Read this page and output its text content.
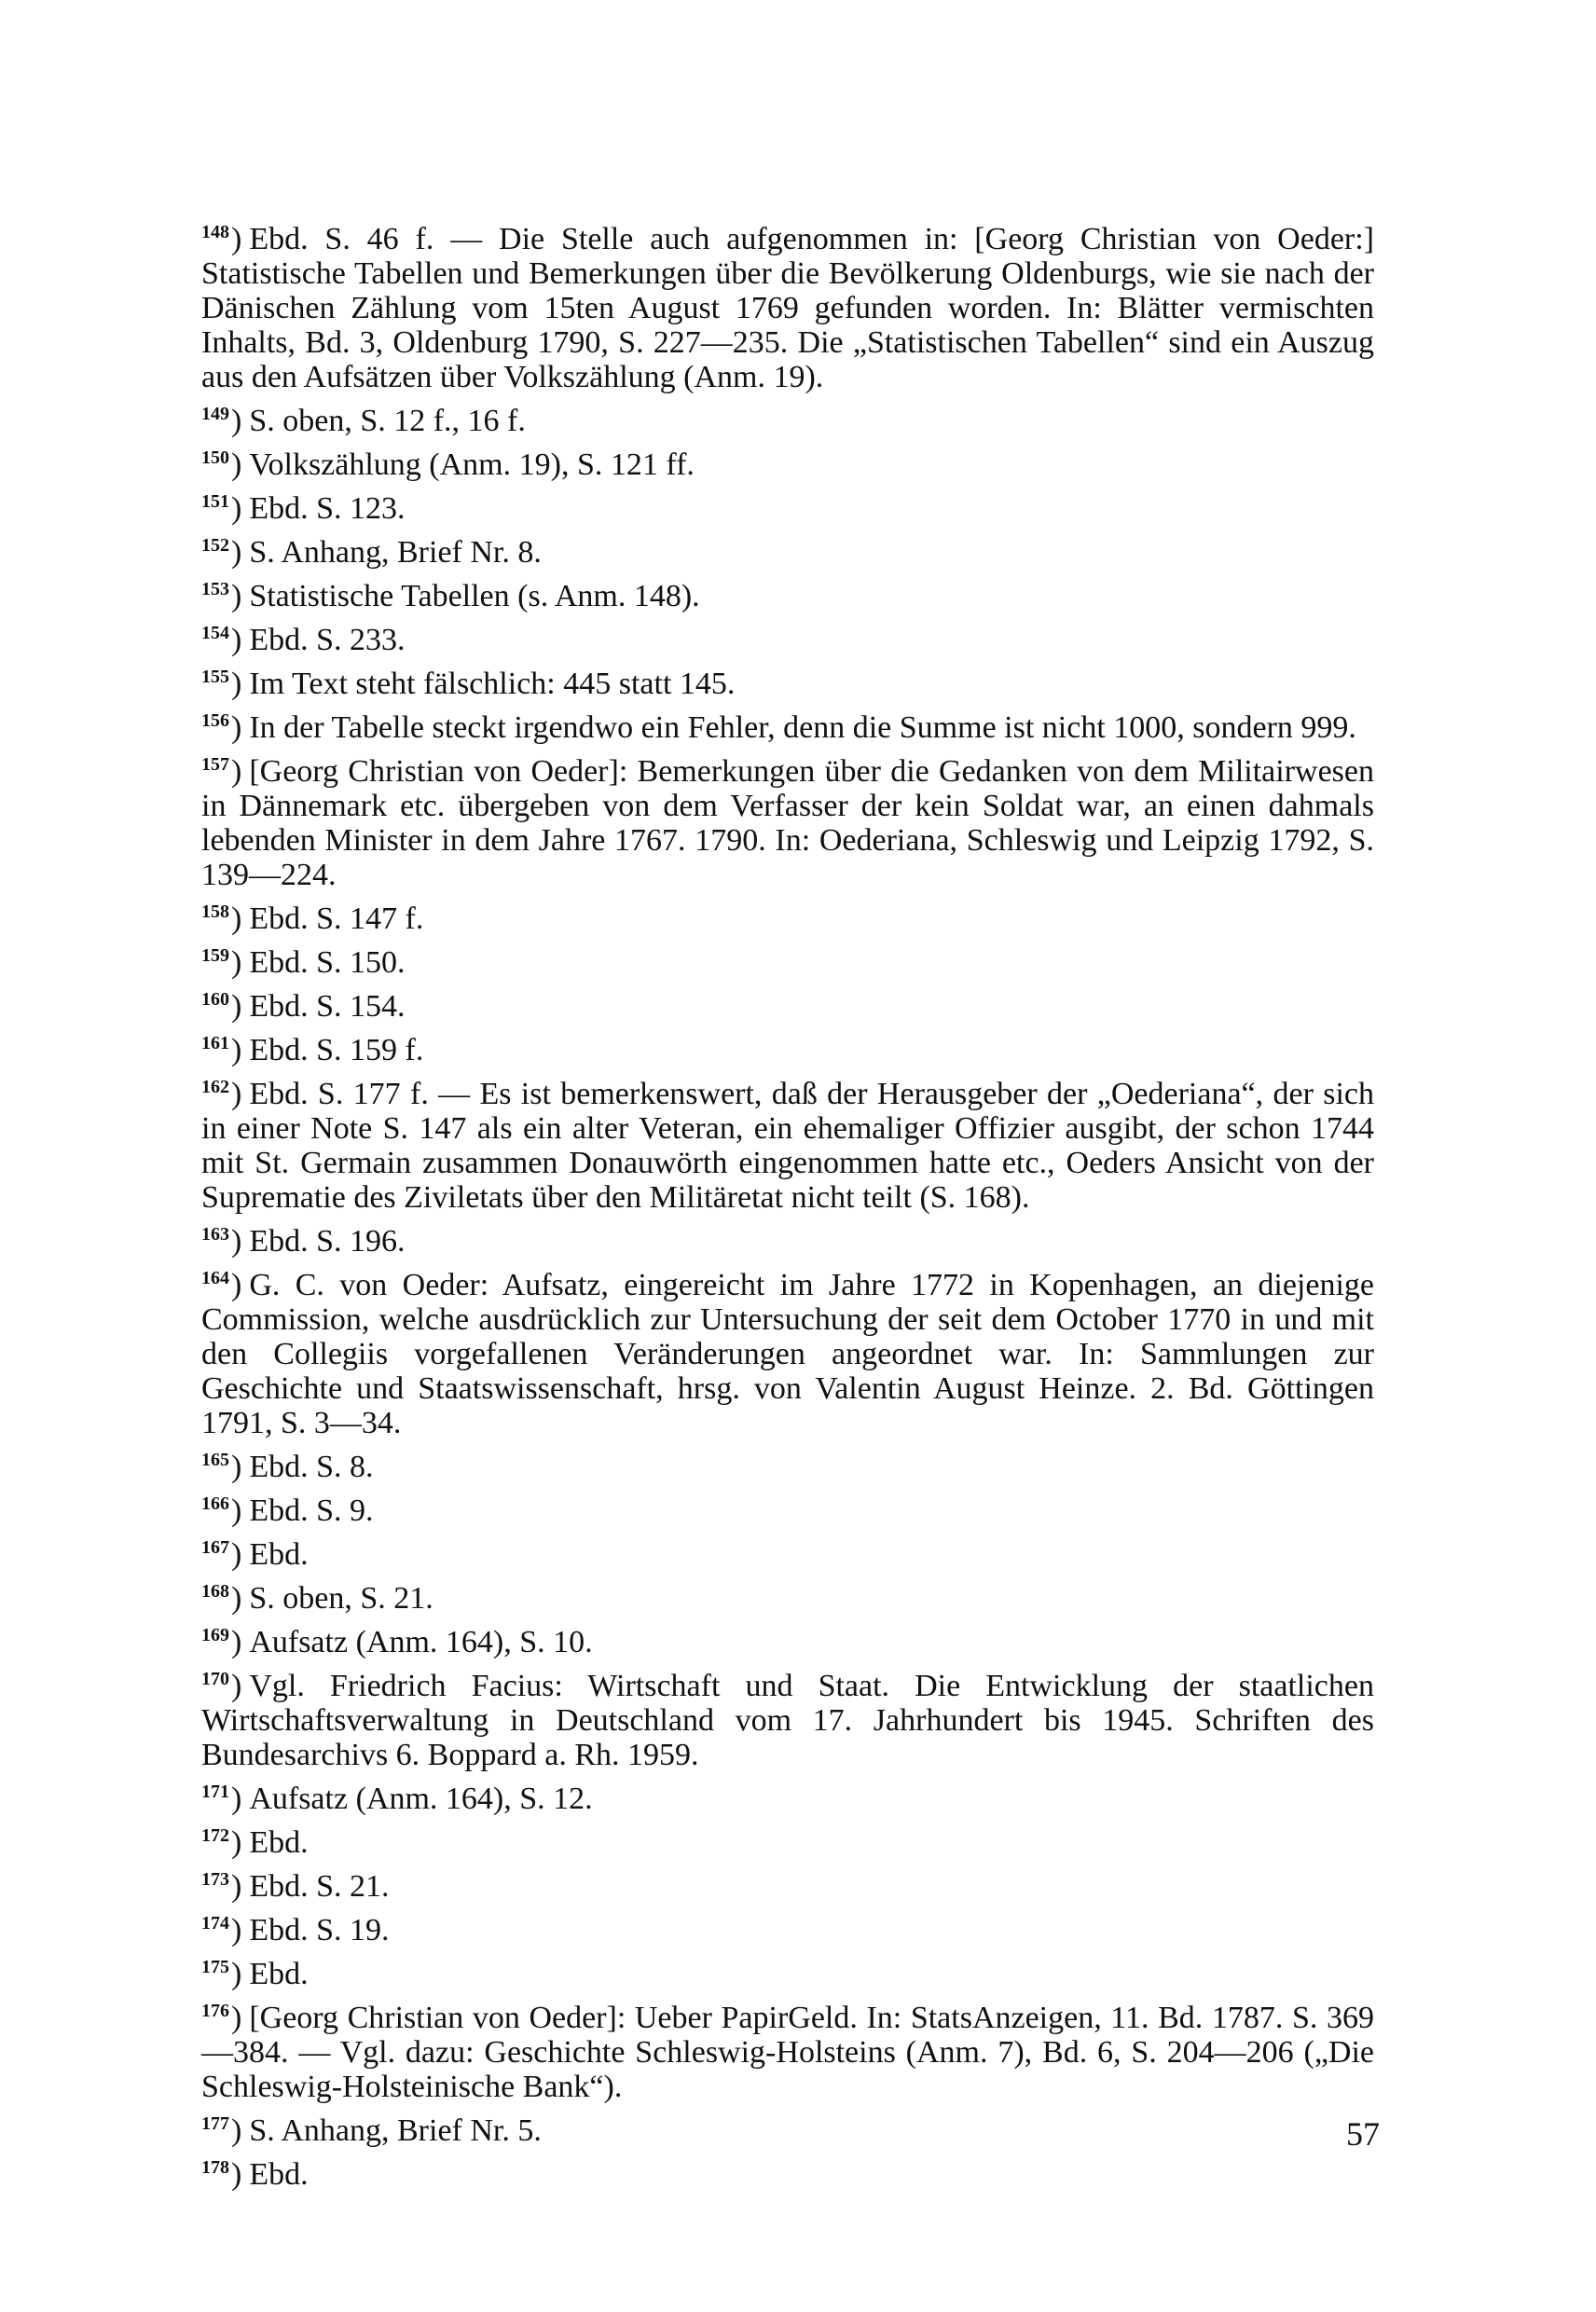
$^{148}$) Ebd. S. 46 f. — Die Stelle auch aufgenommen in: [Georg Christian von Oeder:] Statistische Tabellen und Bemerkungen über die Bevölkerung Oldenburgs, wie sie nach der Dänischen Zählung vom 15ten August 1769 gefunden worden. In: Blätter vermischten Inhalts, Bd. 3, Oldenburg 1790, S. 227—235. Die „Statistischen Tabellen“ sind ein Auszug aus den Aufsätzen über Volkszählung (Anm. 19).

$^{149}$) S. oben, S. 12 f., 16 f.

$^{150}$) Volkszählung (Anm. 19), S. 121 ff.

$^{151}$) Ebd. S. 123.

$^{152}$) S. Anhang, Brief Nr. 8.

$^{153}$) Statistische Tabellen (s. Anm. 148).

$^{154}$) Ebd. S. 233.

$^{155}$) Im Text steht fälschlich: 445 statt 145.

$^{156}$) In der Tabelle steckt irgendwo ein Fehler, denn die Summe ist nicht 1000, sondern 999.

$^{157}$) [Georg Christian von Oeder]: Bemerkungen über die Gedanken von dem Militairwesen in Dännemark etc. übergeben von dem Verfasser der kein Soldat war, an einen dahmals lebenden Minister in dem Jahre 1767. 1790. In: Oederiana, Schleswig und Leipzig 1792, S. 139—224.

$^{158}$) Ebd. S. 147 f.

$^{159}$) Ebd. S. 150.

$^{160}$) Ebd. S. 154.

$^{161}$) Ebd. S. 159 f.

$^{162}$) Ebd. S. 177 f. — Es ist bemerkenswert, daß der Herausgeber der „Oederiana“, der sich in einer Note S. 147 als ein alter Veteran, ein ehemaliger Offizier ausgibt, der schon 1744 mit St. Germain zusammen Donauwörth eingenommen hatte etc., Oeders Ansicht von der Suprematie des Ziviletats über den Militäretat nicht teilt (S. 168).

$^{163}$) Ebd. S. 196.

$^{164}$) G. C. von Oeder: Aufsatz, eingereicht im Jahre 1772 in Kopenhagen, an diejenige Commission, welche ausdrücklich zur Untersuchung der seit dem October 1770 in und mit den Collegiis vorgefallenen Veränderungen angeordnet war. In: Sammlungen zur Geschichte und Staatswissenschaft, hrsg. von Valentin August Heinze. 2. Bd. Göttingen 1791, S. 3—34.

$^{165}$) Ebd. S. 8.

$^{166}$) Ebd. S. 9.

$^{167}$) Ebd.

$^{168}$) S. oben, S. 21.

$^{169}$) Aufsatz (Anm. 164), S. 10.

$^{170}$) Vgl. Friedrich Facius: Wirtschaft und Staat. Die Entwicklung der staatlichen Wirtschaftsverwaltung in Deutschland vom 17. Jahrhundert bis 1945. Schriften des Bundesarchivs 6. Boppard a. Rh. 1959.

$^{171}$) Aufsatz (Anm. 164), S. 12.

$^{172}$) Ebd.

$^{173}$) Ebd. S. 21.

$^{174}$) Ebd. S. 19.

$^{175}$) Ebd.

$^{176}$) [Georg Christian von Oeder]: Ueber PapirGeld. In: StatsAnzeigen, 11. Bd. 1787. S. 369—384. — Vgl. dazu: Geschichte Schleswig-Holsteins (Anm. 7), Bd. 6, S. 204—206 („Die Schleswig-Holsteinische Bank“).

$^{177}$) S. Anhang, Brief Nr. 5.

$^{178}$) Ebd.

57
